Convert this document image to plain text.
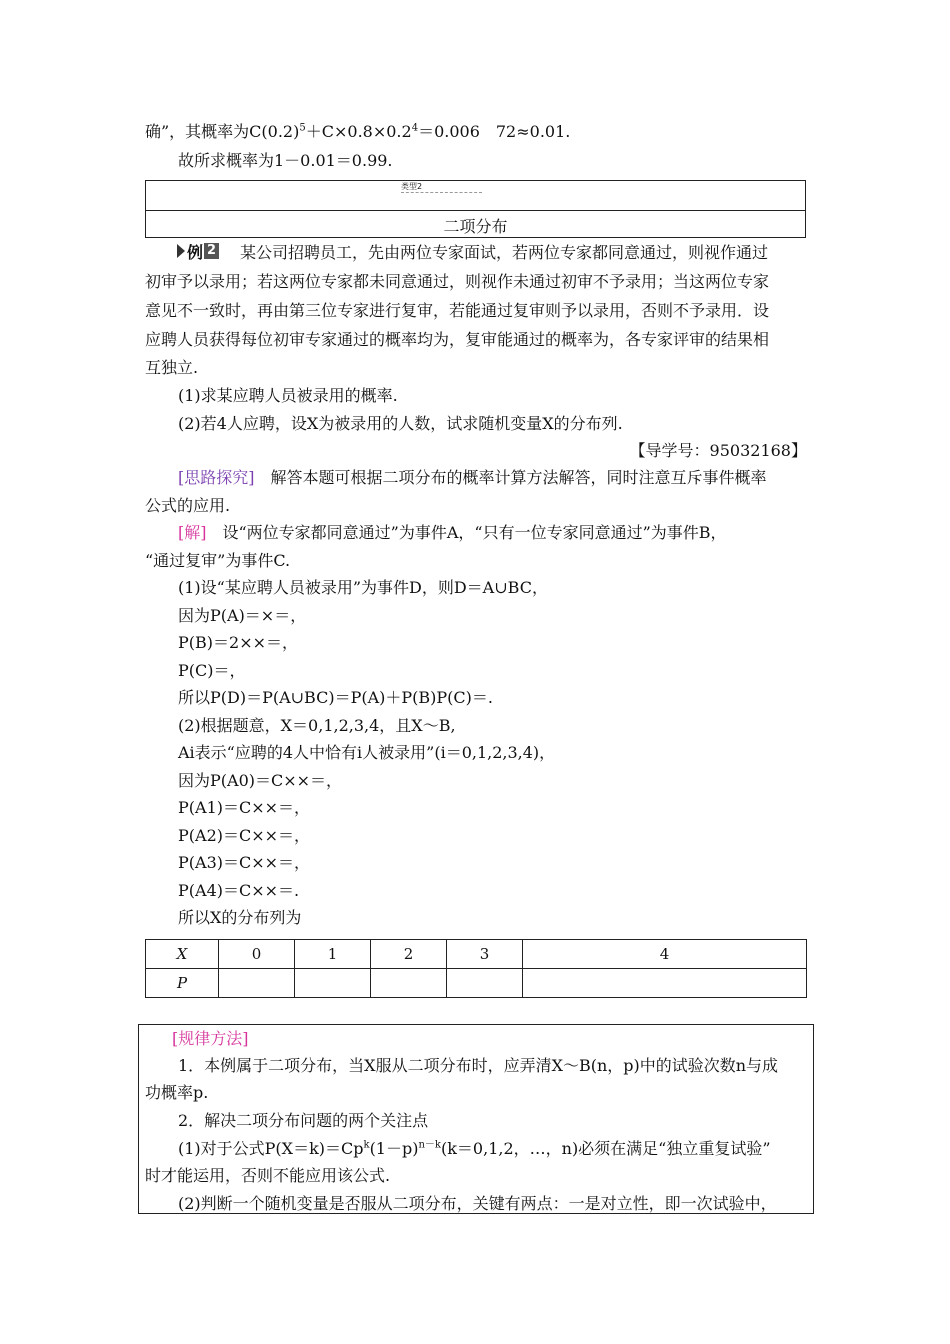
确”，其概率为$C(0.2)^5+C\times 0.8\times 0.2^4=0.006$　72≈0.01.
故所求概率为1－0.01＝0.99.
类型2
二项分布
例 2 某公司招聘员工，先由两位专家面试，若两位专家都同意通过，则视作通过
初审予以录用；若这两位专家都未同意通过，则视作未通过初审不予录用；当这两位专家
意见不一致时，再由第三位专家进行复审，若能通过复审则予以录用，否则不予录用．设
应聘人员获得每位初审专家通过的概率均为，复审能通过的概率为，各专家评审的结果相
互独立.
(1)求某应聘人员被录用的概率.
(2)若4人应聘，设X为被录用的人数，试求随机变量X的分布列.
【导学号：95032168】
[思路探究]　解答本题可根据二项分布的概率计算方法解答，同时注意互斥事件概率
公式的应用.
[解]　设“两位专家都同意通过”为事件A，“只有一位专家同意通过”为事件B，
“通过复审”为事件C.
(1)设“某应聘人员被录用”为事件D，则D＝A∪BC，
因为P(A)＝×＝，
P(B)＝2××＝，
P(C)＝，
所以P(D)＝P(A∪BC)＝P(A)＋P(B)P(C)＝.
(2)根据题意，X＝0,1,2,3,4，且X～B,
Ai表示“应聘的4人中恰有i人被录用”(i＝0,1,2,3,4)，
因为P(A0)＝C××＝，
P(A1)＝C××＝，
P(A2)＝C××＝，
P(A3)＝C××＝，
P(A4)＝C××＝.
所以X的分布列为
X	0	1	2	3	4
P					
[规律方法]
1．本例属于二项分布，当X服从二项分布时，应弄清X～B(n，p)中的试验次数n与成
功概率p.
2．解决二项分布问题的两个关注点
(1)对于公式$P(X=k)=Cp^k(1-p)^{n-k}(k=0,1,2$，…，n)必须在满足“独立重复试验”
时才能运用，否则不能应用该公式.
(2)判断一个随机变量是否服从二项分布，关键有两点：一是对立性，即一次试验中，
